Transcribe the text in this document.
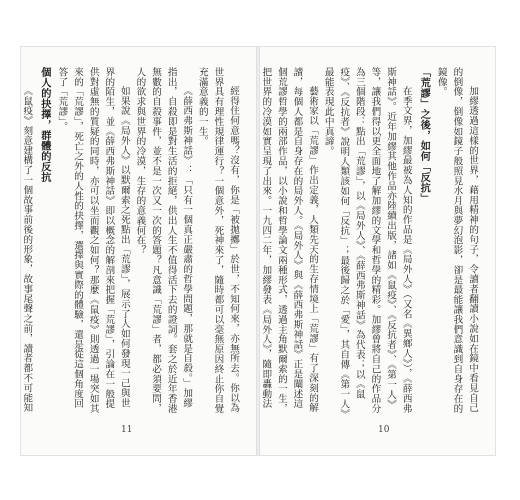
經得住何意嗎？沒有，你是「被拋擲」於世，不知何來，亦無所去。你以為世界具有理性規律運行？一個意外，死神來了，隨時都可以毫無原因終止你自覺充滿意義的一生。

《薛西弗斯神話》：「只有一個真正嚴肅的哲學問題，那就是自殺。」加繆指出，自殺即是對生活的拒絕，供出人生不值得活下去的證詞。套之於近年香港無數的自殺事件，並不是一次又一次的答題？凡意識「荒謬」者，都必須要問，人的欲求與世界的冷漠，生存的意義何在？

如果說《局外人》以默爾索之死點出「荒謬」，展示了人如何發現一己與世界的陌生，並《薛西弗斯神話》即以概念的解剖來把握「荒謬」，引論在一般提供對虛無的質疑的同時，亦可以坐而觀之如何？那麼《鼠疫》則透過一場突如其來的「荒謬」，死亡之外的人性的抉擇，選擇與實際的體驗，還是從這個角度回答了「荒謬」。

個人的抉擇，群體的反抗

《鼠疫》刻意建構了一個故事前後的形象，故事尾聲之前，讀者都不可能知

11

加繆透過這樣的世界，藉用精神的句子，令讀者翻讀小說如在鏡中看見自己的倒像，倒像如鏡子般照見水月與夢幻泡影，卻是最能讓我們意識到自身存在的鏡像。

「荒謬」之後，如何「反抗」

在季文界，加繆最被為人知的作品是《局外人》（又名《異鄉人》），《薛西弗斯神話》。近年加繆其他作品亦陸續出版，諸如《鼠疫》、《反抗者》、《第一人》等，讓我們得以更全面地了解加繆的文學和哲學的精彩。加繆曾將自己的作品分為三個階段：點出「荒謬」，以《局外人》、《薛西弗斯神話》為代表；以《鼠疫》、《反抗者》說明人類該如何「反抗」；最後歸之於「愛」，其自傳《第一人》最能表現此中真諦。

藝術家以「荒謬」作出定義，人類先天的生存情境上「荒謬」有了深刻的解讀，每個人都是自身存在的局外人。《局外人》與《薛西弗斯神話》正是闡述這個荒謬哲學的兩部作品，以小說和哲學論文兩種形式，透過主角默爾索的一生，把世界的冷漠如實呈現了出來。一九四二年，加繆發表《局外人》，隨即轟動法

10
